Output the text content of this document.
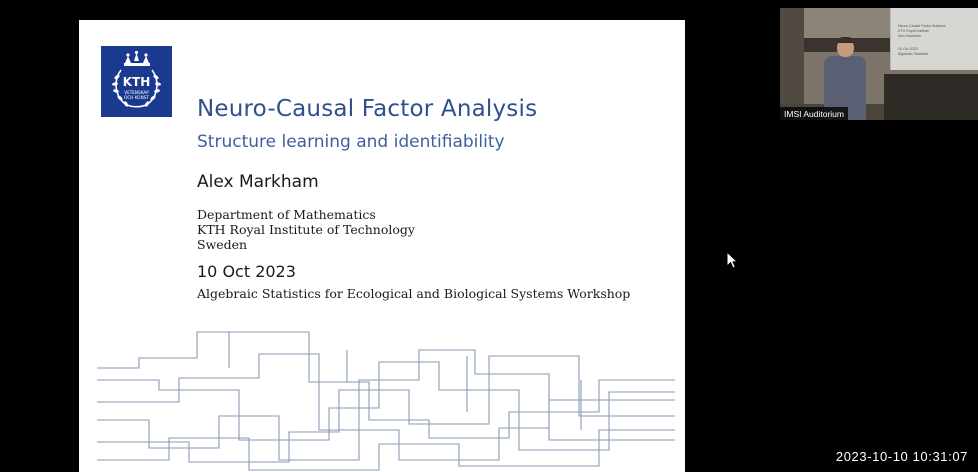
KTH
VETENSKAP
OCH KONST Neuro-Causal Factor Analysis
Structure learning and identifiability
Alex Markham
Department of Mathematics
KTH Royal Institute of Technology
Sweden
10 Oct 2023
Algebraic Statistics for Ecological and Biological Systems Workshop
Neuro-Causal Factor Analysis
KTH Royal Institute
Alex Markham
10 Oct 2023
Algebraic Statistics
IMSI Auditorium
2023-10-10 10:31:07
